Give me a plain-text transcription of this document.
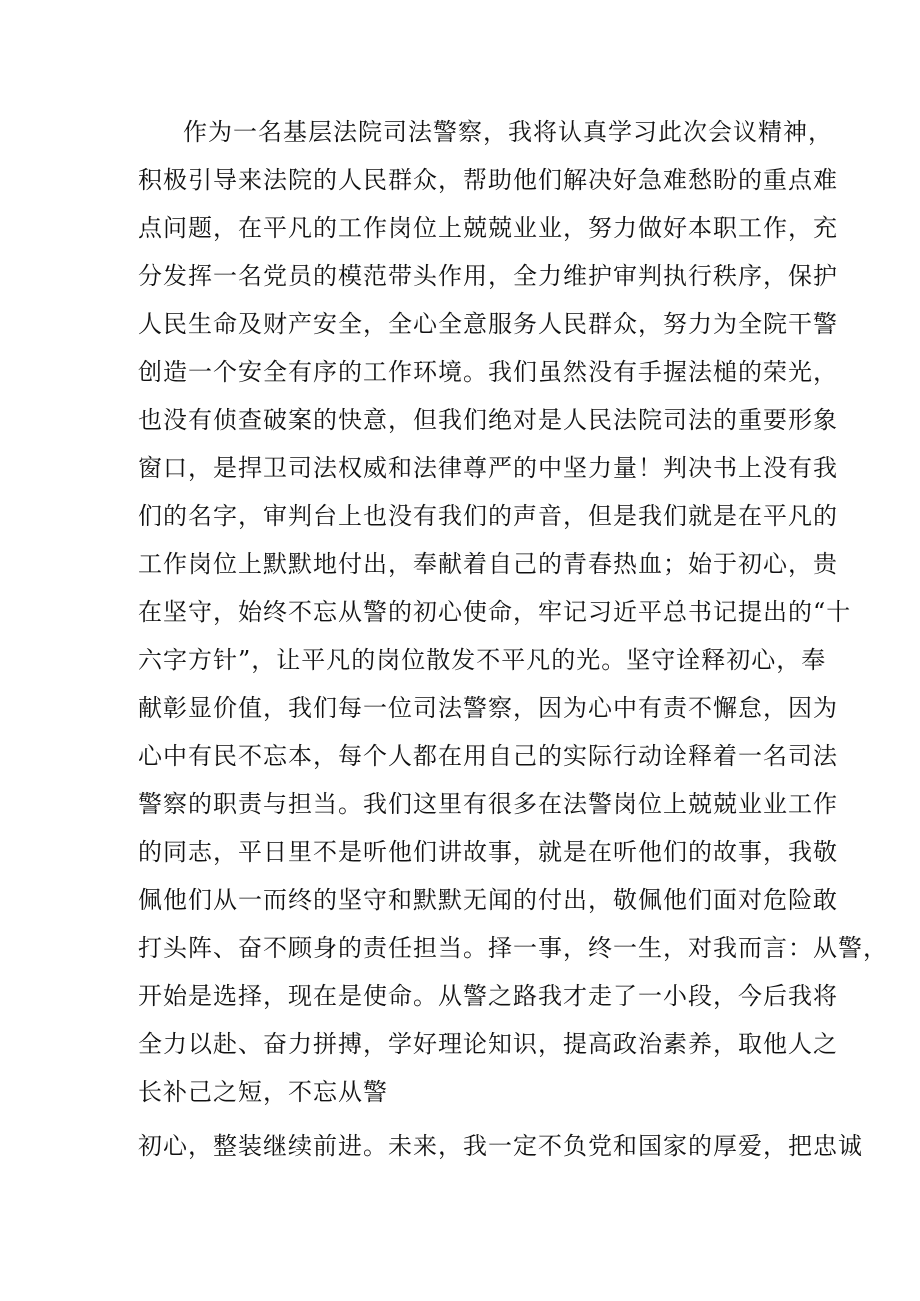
作为一名基层法院司法警察，我将认真学习此次会议精神，
积极引导来法院的人民群众，帮助他们解决好急难愁盼的重点难
点问题，在平凡的工作岗位上兢兢业业，努力做好本职工作，充
分发挥一名党员的模范带头作用，全力维护审判执行秩序，保护
人民生命及财产安全，全心全意服务人民群众，努力为全院干警
创造一个安全有序的工作环境。我们虽然没有手握法槌的荣光，
也没有侦查破案的快意，但我们绝对是人民法院司法的重要形象
窗口，是捍卫司法权威和法律尊严的中坚力量！判决书上没有我
们的名字，审判台上也没有我们的声音，但是我们就是在平凡的
工作岗位上默默地付出，奉献着自己的青春热血；始于初心，贵
在坚守，始终不忘从警的初心使命，牢记习近平总书记提出的“十
六字方针”，让平凡的岗位散发不平凡的光。坚守诠释初心，奉
献彰显价值，我们每一位司法警察，因为心中有责不懈怠，因为
心中有民不忘本，每个人都在用自己的实际行动诠释着一名司法
警察的职责与担当。我们这里有很多在法警岗位上兢兢业业工作
的同志，平日里不是听他们讲故事，就是在听他们的故事，我敬
佩他们从一而终的坚守和默默无闻的付出，敬佩他们面对危险敢
打头阵、奋不顾身的责任担当。择一事，终一生，对我而言：从警，
开始是选择，现在是使命。从警之路我才走了一小段，今后我将
全力以赴、奋力拼搏，学好理论知识，提高政治素养，取他人之
长补己之短，不忘从警
初心，整装继续前进。未来，我一定不负党和国家的厚爱，把忠诚
